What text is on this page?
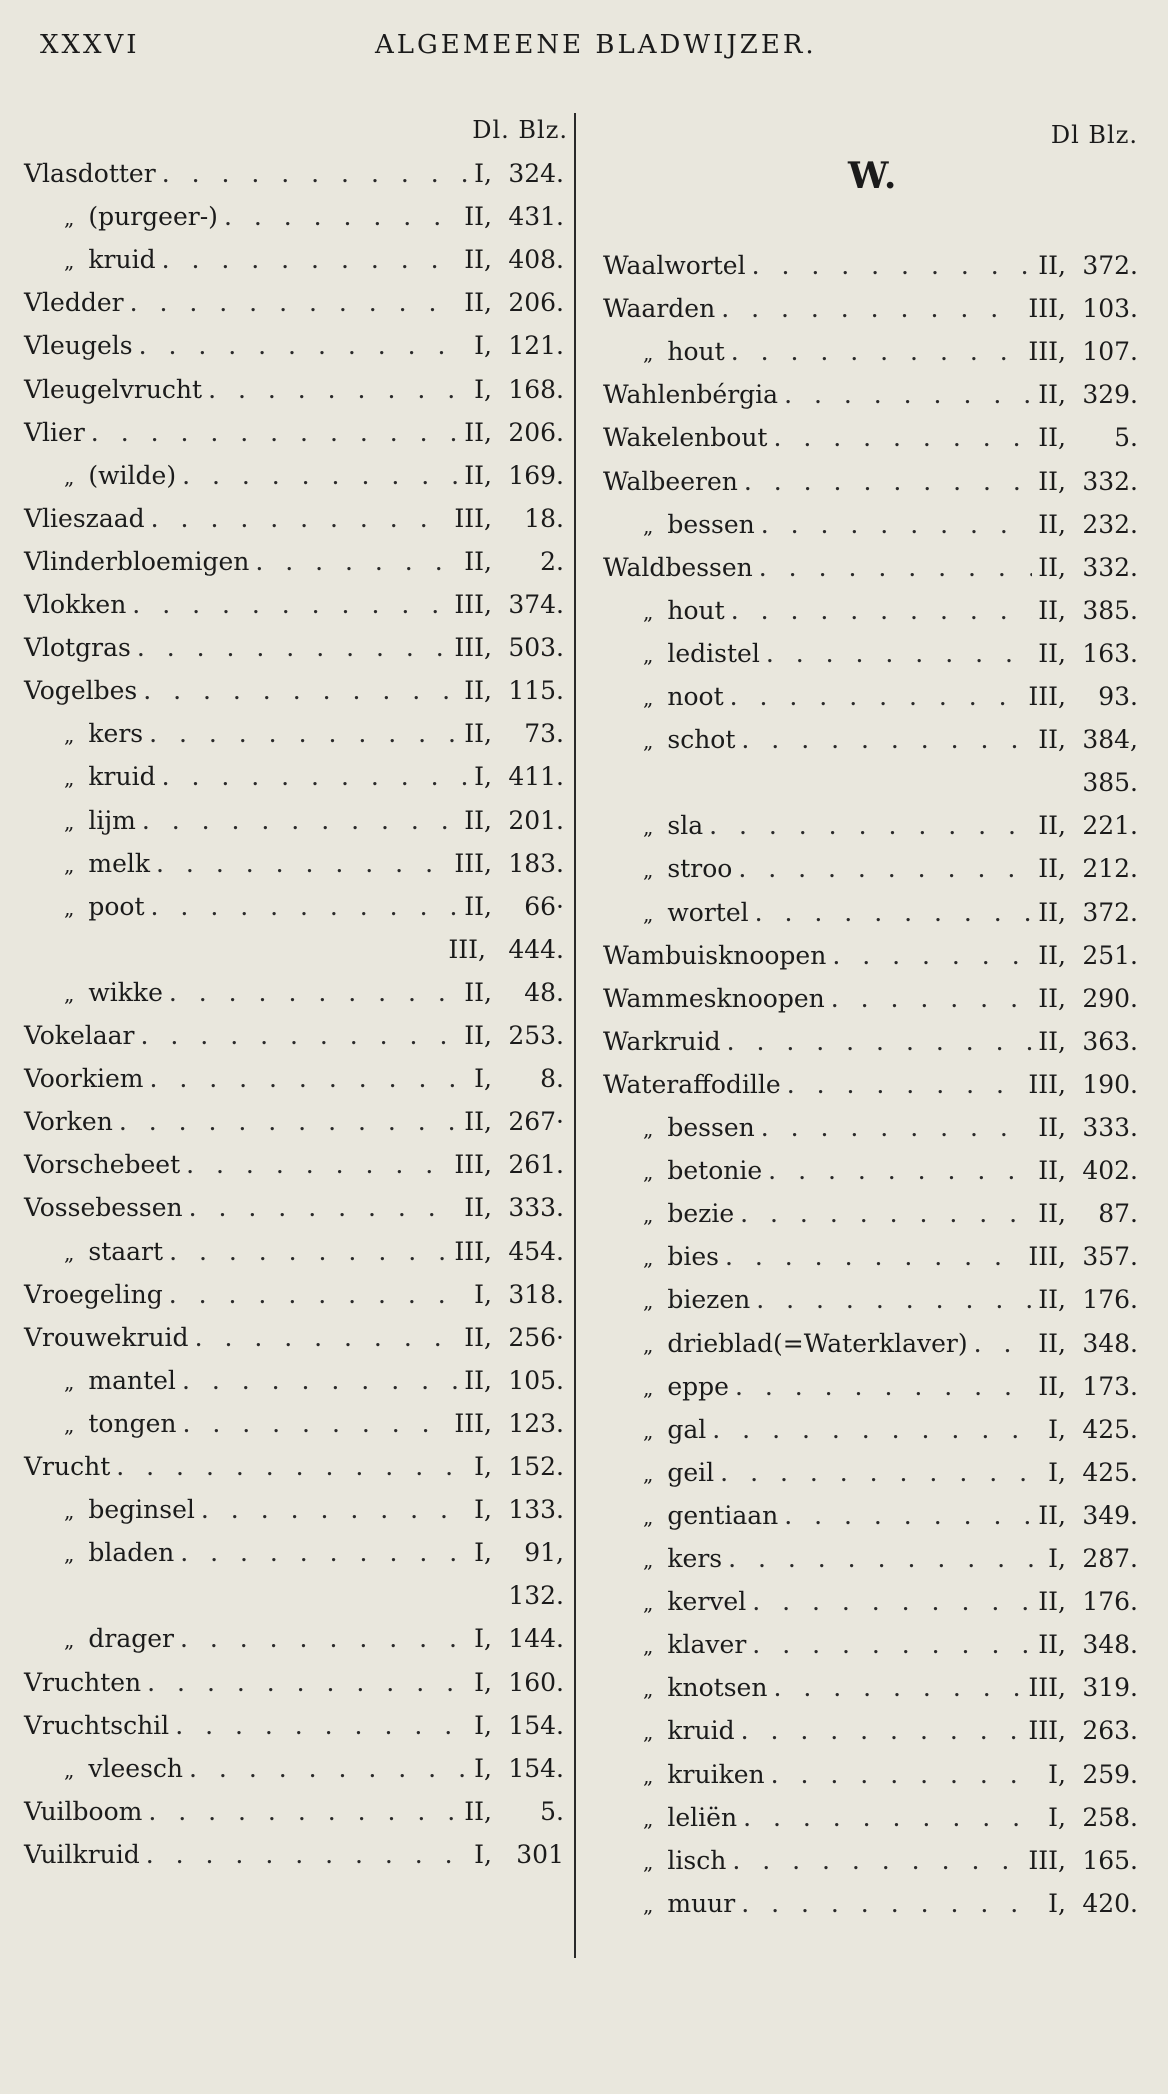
XXXVI	ALGEMEENE BLADWIJZER.
Dl. Blz.
Vlasdotter . . .	I, 324.
„ (purgeer-) . . .	II, 431.
„ kruid . . .	II, 408.
Vledder . . .	II, 206.
Vleugels . . .	I, 121.
Vleugelvrucht . . .	I, 168.
Vlier . . .	II, 206.
„ (wilde) . . .	II, 169.
Vlieszaad . . .	III, 18.
Vlinderbloemigen . . .	II, 2.
Vlokken . . .	III, 374.
Vlotgras . . .	III, 503.
Vogelbes . . .	II, 115.
„ kers . . .	II, 73.
„ kruid . . .	I, 411.
„ lijm . . .	II, 201.
„ melk . . .	III, 183.
„ poot . . .	II, 66·
III, 444.
„ wikke . . .	II, 48.
Vokelaar . . .	II, 253.
Voorkiem . . .	I, 8.
Vorken . . .	II, 267·
Vorschebeet . . .	III, 261.
Vossebessen . . .	II, 333.
„ staart . . .	III, 454.
Vroegeling . . .	I, 318.
Vrouwekruid . . .	II, 256·
„ mantel . . .	II, 105.
„ tongen . . .	III, 123.
Vrucht . . .	I, 152.
„ beginsel . . .	I, 133.
„ bladen . . .	I, 91,
132.
„ drager . . .	I, 144.
Vruchten . . .	I, 160.
Vruchtschil . . .	I, 154.
„ vleesch . . .	I, 154.
Vuilboom . . .	II, 5.
Vuilkruid . . .	I, 301
Dl Blz.
W.
Waalwortel . . .	II, 372.
Waarden . . .	III, 103.
„ hout . . .	III, 107.
Wahlenbérgia . . .	II, 329.
Wakelenbout . . .	II, 5.
Walbeeren . . .	II, 332.
„ bessen . . .	II, 232.
Waldbessen . . .	II, 332.
„ hout . . .	II, 385.
„ ledistel . . .	II, 163.
„ noot . . .	III, 93.
„ schot . . .	II, 384,
385.
„ sla . . .	II, 221.
„ stroo . . .	II, 212.
„ wortel . . .	II, 372.
Wambuisknoopen . . .	II, 251.
Wammesknoopen . . .	II, 290.
Warkruid . . .	II, 363.
Wateraffodille . . .	III, 190.
„ bessen . . .	II, 333.
„ betonie . . .	II, 402.
„ bezie . . .	II, 87.
„ bies . . .	III, 357.
„ biezen . . .	II, 176.
„ drieblad(=Waterklaver) . . .	II, 348.
„ eppe . . .	II, 173.
„ gal . . .	I, 425.
„ geil . . .	I, 425.
„ gentiaan . . .	II, 349.
„ kers . . .	I, 287.
„ kervel . . .	II, 176.
„ klaver . . .	II, 348.
„ knotsen . . .	III, 319.
„ kruid . . .	III, 263.
„ kruiken . . .	I, 259.
„ leliën . . .	I, 258.
„ lisch . . .	III, 165.
„ muur . . .	I, 420.
